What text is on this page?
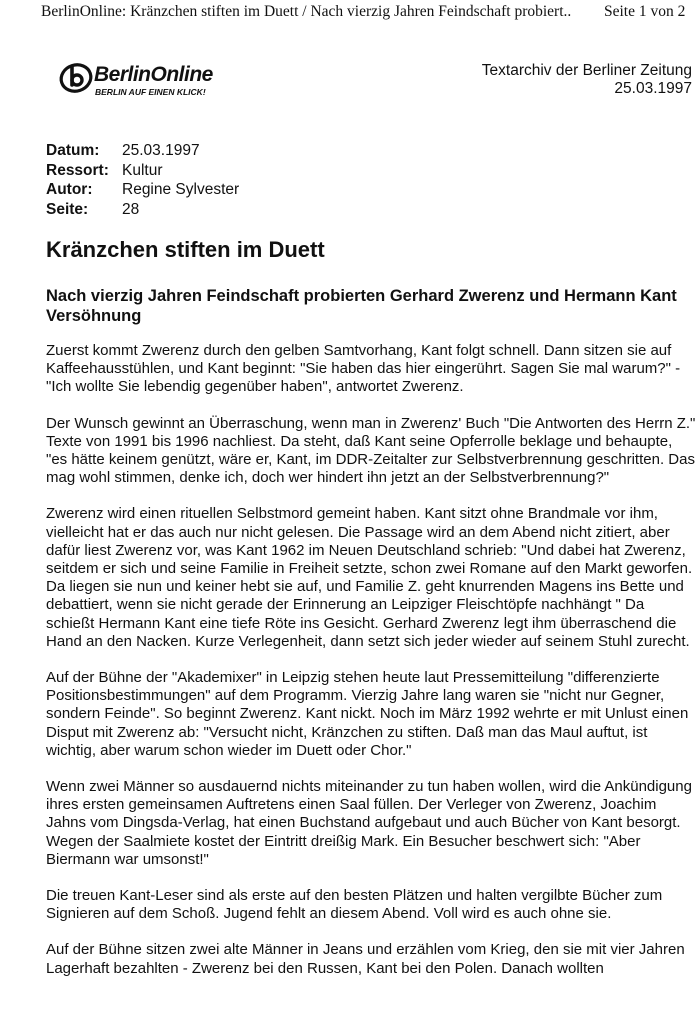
BerlinOnline: Kränzchen stiften im Duett / Nach vierzig Jahren Feindschaft probiert.. Seite 1 von 2
BerlinOnline
BERLIN AUF EINEN KLICK!
Textarchiv der Berliner Zeitung
25.03.1997
Datum:	25.03.1997
Ressort: Kultur
Autor:	Regine Sylvester
Seite:	28
Kränzchen stiften im Duett
Nach vierzig Jahren Feindschaft probierten Gerhard Zwerenz und Hermann Kant Versöhnung

Zuerst kommt Zwerenz durch den gelben Samtvorhang, Kant folgt schnell. Dann sitzen sie auf Kaffeehausstühlen, und Kant beginnt: "Sie haben das hier eingerührt. Sagen Sie mal warum?" - "Ich wollte Sie lebendig gegenüber haben", antwortet Zwerenz.

Der Wunsch gewinnt an Überraschung, wenn man in Zwerenz' Buch "Die Antworten des Herrn Z." Texte von 1991 bis 1996 nachliest. Da steht, daß Kant seine Opferrolle beklage und behaupte, "es hätte keinem genützt, wäre er, Kant, im DDR-Zeitalter zur Selbstverbrennung geschritten. Das mag wohl stimmen, denke ich, doch wer hindert ihn jetzt an der Selbstverbrennung?"

Zwerenz wird einen rituellen Selbstmord gemeint haben. Kant sitzt ohne Brandmale vor ihm, vielleicht hat er das auch nur nicht gelesen. Die Passage wird an dem Abend nicht zitiert, aber dafür liest Zwerenz vor, was Kant 1962 im Neuen Deutschland schrieb: "Und dabei hat Zwerenz, seitdem er sich und seine Familie in Freiheit setzte, schon zwei Romane auf den Markt geworfen. Da liegen sie nun und keiner hebt sie auf, und Familie Z. geht knurrenden Magens ins Bette und debattiert, wenn sie nicht gerade der Erinnerung an Leipziger Fleischtöpfe nachhängt " Da schießt Hermann Kant eine tiefe Röte ins Gesicht. Gerhard Zwerenz legt ihm überraschend die Hand an den Nacken. Kurze Verlegenheit, dann setzt sich jeder wieder auf seinem Stuhl zurecht.

Auf der Bühne der "Akademixer" in Leipzig stehen heute laut Pressemitteilung "differenzierte Positionsbestimmungen" auf dem Programm. Vierzig Jahre lang waren sie "nicht nur Gegner, sondern Feinde". So beginnt Zwerenz. Kant nickt. Noch im März 1992 wehrte er mit Unlust einen Disput mit Zwerenz ab: "Versucht nicht, Kränzchen zu stiften. Daß man das Maul auftut, ist wichtig, aber warum schon wieder im Duett oder Chor."

Wenn zwei Männer so ausdauernd nichts miteinander zu tun haben wollen, wird die Ankündigung ihres ersten gemeinsamen Auftretens einen Saal füllen. Der Verleger von Zwerenz, Joachim Jahns vom Dingsda-Verlag, hat einen Buchstand aufgebaut und auch Bücher von Kant besorgt. Wegen der Saalmiete kostet der Eintritt dreißig Mark. Ein Besucher beschwert sich: "Aber Biermann war umsonst!"

Die treuen Kant-Leser sind als erste auf den besten Plätzen und halten vergilbte Bücher zum Signieren auf dem Schoß. Jugend fehlt an diesem Abend. Voll wird es auch ohne sie.

Auf der Bühne sitzen zwei alte Männer in Jeans und erzählen vom Krieg, den sie mit vier Jahren Lagerhaft bezahlten - Zwerenz bei den Russen, Kant bei den Polen. Danach wollten
